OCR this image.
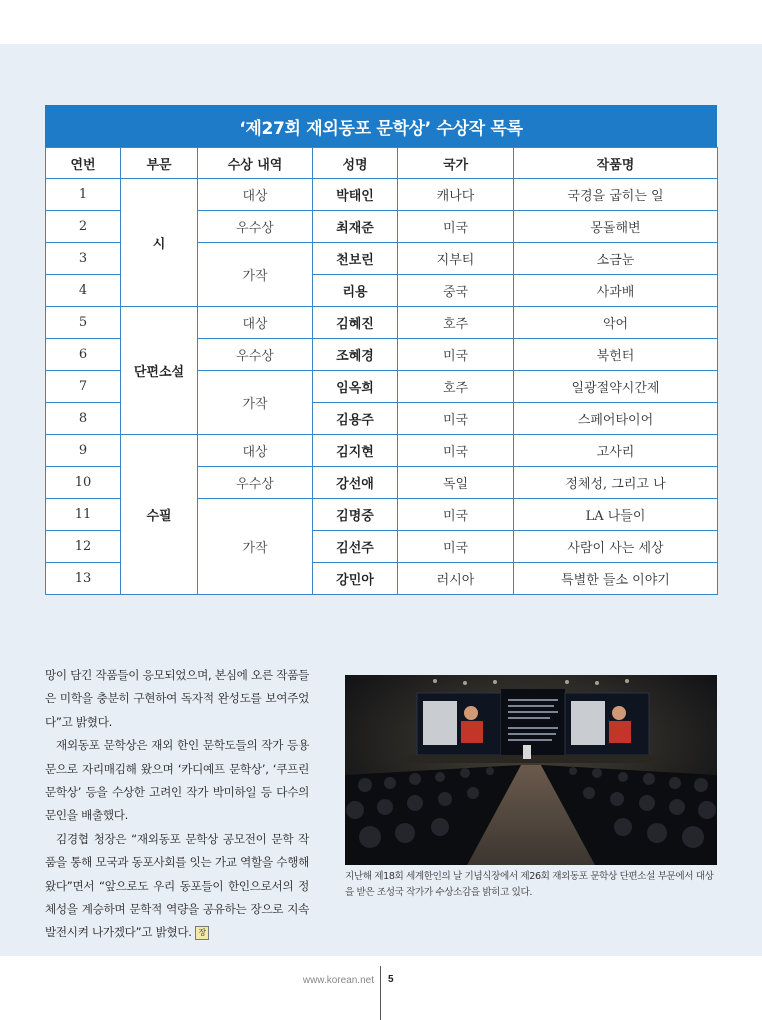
‘제27회 재외동포 문학상’ 수상작 목록
연번	부문	수상 내역	성명	국가	작품명
1	시	대상	박태인	캐나다	국경을 굽히는 일
2		우수상	최재준	미국	몽돌해변
3		가작	천보린	지부티	소금눈
4			리용	중국	사과배
5	단편소설	대상	김혜진	호주	악어
6		우수상	조혜경	미국	북헌터
7		가작	임옥희	호주	일광절약시간제
8			김용주	미국	스페어타이어
9	수필	대상	김지현	미국	고사리
10		우수상	강선애	독일	정체성, 그리고 나
11		가작	김명중	미국	LA 나들이
12			김선주	미국	사람이 사는 세상
13			강민아	러시아	특별한 들소 이야기

망이 담긴 작품들이 응모되었으며, 본심에 오른 작품들은 미학을 충분히 구현하여 독자적 완성도를 보여주었다”고 밝혔다.

재외동포 문학상은 재외 한인 문학도들의 작가 등용문으로 자리매김해 왔으며 ‘카디예프 문학상’, ‘쿠프린 문학상’ 등을 수상한 고려인 작가 박미하일 등 다수의 문인을 배출했다.

김경협 청장은 “재외동포 문학상 공모전이 문학 작품을 통해 모국과 동포사회를 잇는 가교 역할을 수행해왔다”면서 “앞으로도 우리 동포들이 한인으로서의 정체성을 계승하며 문학적 역량을 공유하는 장으로 지속 발전시켜 나가겠다”고 밝혔다. 장

지난해 제18회 세계한인의 날 기념식장에서 제26회 재외동포 문학상 단편소설 부문에서 대상을 받은 조성국 작가가 수상소감을 밝히고 있다.
www.korean.net 5
